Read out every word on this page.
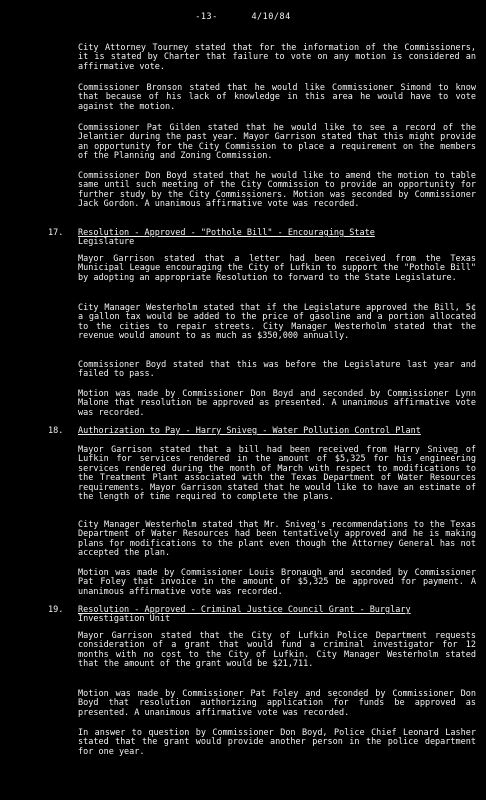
-13-	4/10/84

City Attorney Tourney stated that for the information of the Commissioners, it is stated by Charter that failure to vote on any motion is considered an affirmative vote.

Commissioner Bronson stated that he would like Commissioner Simond to know that because of his lack of knowledge in this area he would have to vote against the motion.

Commissioner Pat Gilden stated that he would like to see a record of the Jelantier during the past year. Mayor Garrison stated that this might provide an opportunity for the City Commission to place a requirement on the members of the Planning and Zoning Commission.

Commissioner Don Boyd stated that he would like to amend the motion to table same until such meeting of the City Commission to provide an opportunity for further study by the City Commissioners. Motion was seconded by Commissioner Jack Gordon. A unanimous affirmative vote was recorded.

17.	Resolution - Approved - "Pothole Bill" - Encouraging State
Legislature

Mayor Garrison stated that a letter had been received from the Texas Municipal League encouraging the City of Lufkin to support the "Pothole Bill" by adopting an appropriate Resolution to forward to the State Legislature.

City Manager Westerholm stated that if the Legislature approved the Bill, 5¢ a gallon tax would be added to the price of gasoline and a portion allocated to the cities to repair streets. City Manager Westerholm stated that the revenue would amount to as much as $350,000 annually.

Commissioner Boyd stated that this was before the Legislature last year and failed to pass.

Motion was made by Commissioner Don Boyd and seconded by Commissioner Lynn Malone that resolution be approved as presented. A unanimous affirmative vote was recorded.

18.	Authorization to Pay - Harry Sniveg - Water Pollution Control Plant

Mayor Garrison stated that a bill had been received from Harry Sniveg of Lufkin for services rendered in the amount of $5,325 for his engineering services rendered during the month of March with respect to modifications to the Treatment Plant associated with the Texas Department of Water Resources requirements. Mayor Garrison stated that he would like to have an estimate of the length of time required to complete the plans.

City Manager Westerholm stated that Mr. Sniveg's recommendations to the Texas Department of Water Resources had been tentatively approved and he is making plans for modifications to the plant even though the Attorney General has not accepted the plan.

Motion was made by Commissioner Louis Bronaugh and seconded by Commissioner Pat Foley that invoice in the amount of $5,325 be approved for payment. A unanimous affirmative vote was recorded.

19.	Resolution - Approved - Criminal Justice Council Grant - Burglary
Investigation Unit

Mayor Garrison stated that the City of Lufkin Police Department requests consideration of a grant that would fund a criminal investigator for 12 months with no cost to the City of Lufkin. City Manager Westerholm stated that the amount of the grant would be $21,711.

Motion was made by Commissioner Pat Foley and seconded by Commissioner Don Boyd that resolution authorizing application for funds be approved as presented. A unanimous affirmative vote was recorded.

In answer to question by Commissioner Don Boyd, Police Chief Leonard Lasher stated that the grant would provide another person in the police department for one year.
